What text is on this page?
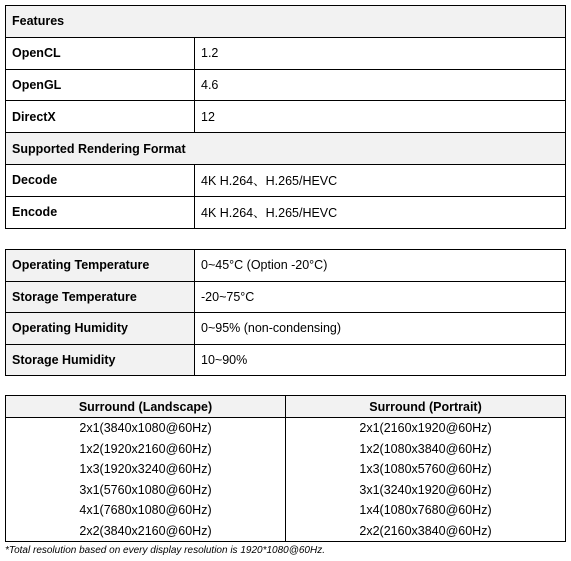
Features	
OpenCL	1.2
OpenGL	4.6
DirectX	12
Supported Rendering Format	
Decode	4K H.264、H.265/HEVC
Encode	4K H.264、H.265/HEVC
Operating Temperature	0~45°C (Option -20°C)
Storage Temperature	-20~75°C
Operating Humidity	0~95% (non-condensing)
Storage Humidity	10~90%
Surround (Landscape)	Surround (Portrait)
2x1(3840x1080@60Hz)	2x1(2160x1920@60Hz)
1x2(1920x2160@60Hz)	1x2(1080x3840@60Hz)
1x3(1920x3240@60Hz)	1x3(1080x5760@60Hz)
3x1(5760x1080@60Hz)	3x1(3240x1920@60Hz)
4x1(7680x1080@60Hz)	1x4(1080x7680@60Hz)
2x2(3840x2160@60Hz)	2x2(2160x3840@60Hz)
*Total resolution based on every display resolution is 1920*1080@60Hz.
